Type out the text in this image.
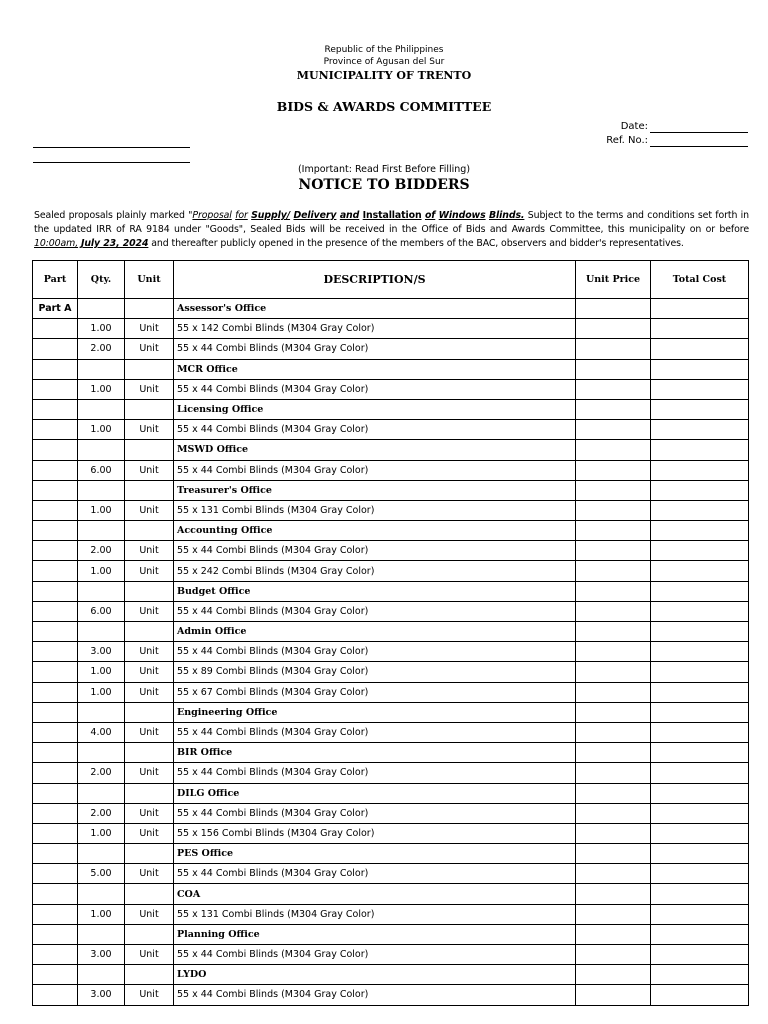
Republic of the Philippines
Province of Agusan del Sur
MUNICIPALITY OF TRENTO
BIDS & AWARDS COMMITTEE
Date:
Ref. No.:
(Important: Read First Before Filling)
NOTICE TO BIDDERS
Sealed proposals plainly marked "Proposal for Supply/ Delivery and Installation of Windows Blinds. Subject to the terms and conditions set forth in the updated IRR of RA 9184 under "Goods", Sealed Bids will be received in the Office of Bids and Awards Committee, this municipality on or before 10:00am, July 23, 2024 and thereafter publicly opened in the presence of the members of the BAC, observers and bidder's representatives.
Part	Qty.	Unit	DESCRIPTION/S	Unit Price	Total Cost
Part A			Assessor's Office		
	1.00	Unit	55 x 142 Combi Blinds (M304 Gray Color)		
	2.00	Unit	55 x 44 Combi Blinds (M304 Gray Color)		
			MCR Office		
	1.00	Unit	55 x 44 Combi Blinds (M304 Gray Color)		
			Licensing Office		
	1.00	Unit	55 x 44 Combi Blinds (M304 Gray Color)		
			MSWD Office		
	6.00	Unit	55 x 44 Combi Blinds (M304 Gray Color)		
			Treasurer's Office		
	1.00	Unit	55 x 131 Combi Blinds (M304 Gray Color)		
			Accounting Office		
	2.00	Unit	55 x 44 Combi Blinds (M304 Gray Color)		
	1.00	Unit	55 x 242 Combi Blinds (M304 Gray Color)		
			Budget Office		
	6.00	Unit	55 x 44 Combi Blinds (M304 Gray Color)		
			Admin Office		
	3.00	Unit	55 x 44 Combi Blinds (M304 Gray Color)		
	1.00	Unit	55 x 89 Combi Blinds (M304 Gray Color)		
	1.00	Unit	55 x 67 Combi Blinds (M304 Gray Color)		
			Engineering Office		
	4.00	Unit	55 x 44 Combi Blinds (M304 Gray Color)		
			BIR Office		
	2.00	Unit	55 x 44 Combi Blinds (M304 Gray Color)		
			DILG Office		
	2.00	Unit	55 x 44 Combi Blinds (M304 Gray Color)		
	1.00	Unit	55 x 156 Combi Blinds (M304 Gray Color)		
			PES Office		
	5.00	Unit	55 x 44 Combi Blinds (M304 Gray Color)		
			COA		
	1.00	Unit	55 x 131 Combi Blinds (M304 Gray Color)		
			Planning Office		
	3.00	Unit	55 x 44 Combi Blinds (M304 Gray Color)		
			LYDO		
	3.00	Unit	55 x 44 Combi Blinds (M304 Gray Color)		
